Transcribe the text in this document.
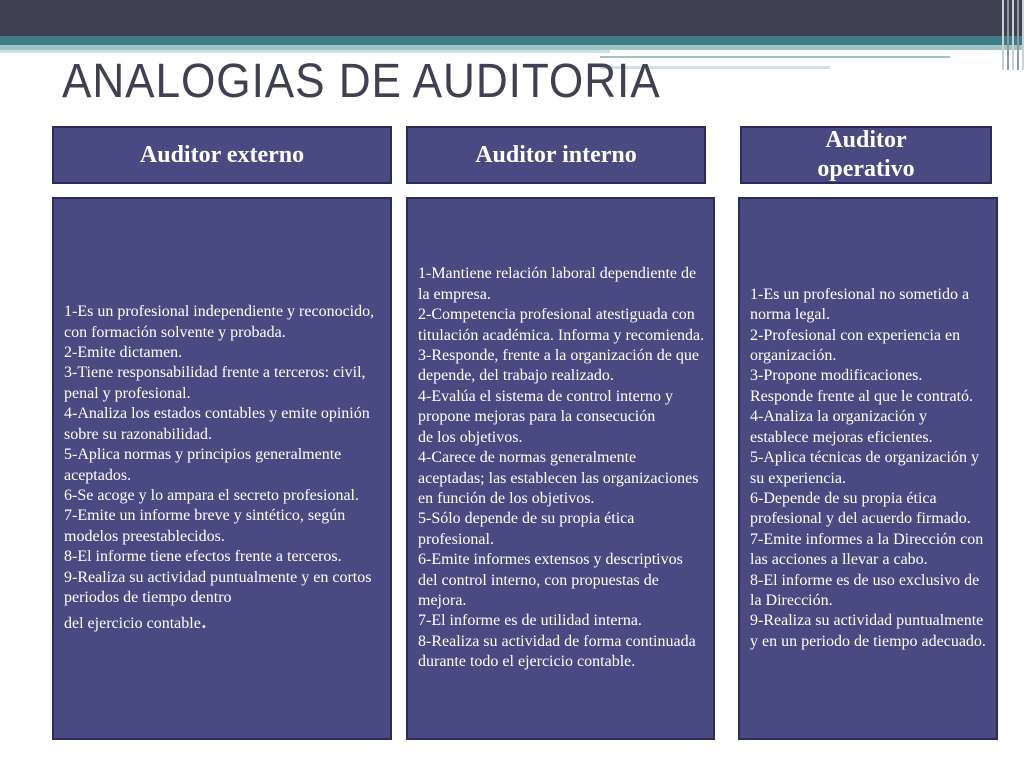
ANALOGIAS DE AUDITORIA
Auditor externo	Auditor interno
Auditor operativo
1-Es un profesional independiente y reconocido, con formación solvente y probada.
2-Emite dictamen.
3-Tiene responsabilidad frente a terceros: civil, penal y profesional.
4-Analiza los estados contables y emite opinión sobre su razonabilidad.
5-Aplica normas y principios generalmente aceptados.
6-Se acoge y lo ampara el secreto profesional.
7-Emite un informe breve y sintético, según modelos preestablecidos.
8-El informe tiene efectos frente a terceros.
9-Realiza su actividad puntualmente y en cortos periodos de tiempo dentro
del ejercicio contable.
1-Mantiene relación laboral dependiente de la empresa.
2-Competencia profesional atestiguada con titulación académica. Informa y recomienda.
3-Responde, frente a la organización de que depende, del trabajo realizado.
4-Evalúa el sistema de control interno y propone mejoras para la consecución
de los objetivos.
4-Carece de normas generalmente aceptadas; las establecen las organizaciones en función de los objetivos.
5-Sólo depende de su propia ética profesional.
6-Emite informes extensos y descriptivos del control interno, con propuestas de mejora.
7-El informe es de utilidad interna.
8-Realiza su actividad de forma continuada durante todo el ejercicio contable.
1-Es un profesional no sometido a norma legal.
2-Profesional con experiencia en organización.
3-Propone modificaciones. Responde frente al que le contrató.
4-Analiza la organización y establece mejoras eficientes.
5-Aplica técnicas de organización y su experiencia.
6-Depende de su propia ética profesional y del acuerdo firmado.
7-Emite informes a la Dirección con las acciones a llevar a cabo.
8-El informe es de uso exclusivo de la Dirección.
9-Realiza su actividad puntualmente y en un periodo de tiempo adecuado.
